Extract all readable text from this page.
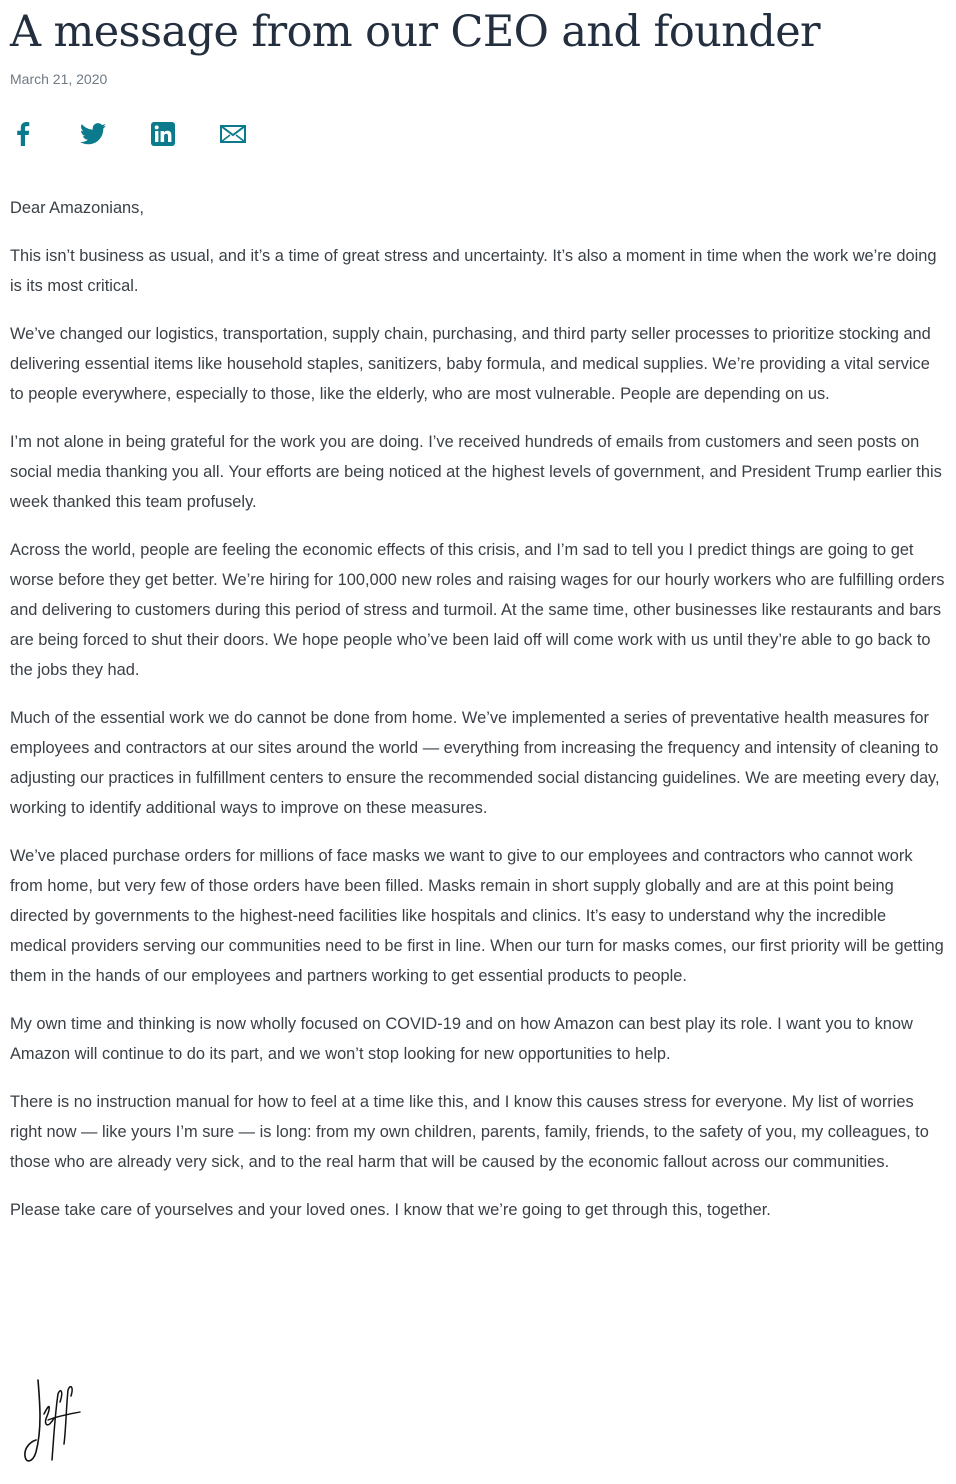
A message from our CEO and founder
March 21, 2020

Dear Amazonians,

This isn’t business as usual, and it’s a time of great stress and uncertainty. It’s also a moment in time when the work we’re doing is its most critical.

We’ve changed our logistics, transportation, supply chain, purchasing, and third party seller processes to prioritize stocking and delivering essential items like household staples, sanitizers, baby formula, and medical supplies. We’re providing a vital service to people everywhere, especially to those, like the elderly, who are most vulnerable. People are depending on us.

I’m not alone in being grateful for the work you are doing. I’ve received hundreds of emails from customers and seen posts on social media thanking you all. Your efforts are being noticed at the highest levels of government, and President Trump earlier this week thanked this team profusely.

Across the world, people are feeling the economic effects of this crisis, and I’m sad to tell you I predict things are going to get worse before they get better. We’re hiring for 100,000 new roles and raising wages for our hourly workers who are fulfilling orders and delivering to customers during this period of stress and turmoil. At the same time, other businesses like restaurants and bars are being forced to shut their doors. We hope people who’ve been laid off will come work with us until they’re able to go back to the jobs they had.

Much of the essential work we do cannot be done from home. We’ve implemented a series of preventative health measures for employees and contractors at our sites around the world — everything from increasing the frequency and intensity of cleaning to adjusting our practices in fulfillment centers to ensure the recommended social distancing guidelines. We are meeting every day, working to identify additional ways to improve on these measures.

We’ve placed purchase orders for millions of face masks we want to give to our employees and contractors who cannot work from home, but very few of those orders have been filled. Masks remain in short supply globally and are at this point being directed by governments to the highest-need facilities like hospitals and clinics. It’s easy to understand why the incredible medical providers serving our communities need to be first in line. When our turn for masks comes, our first priority will be getting them in the hands of our employees and partners working to get essential products to people.

My own time and thinking is now wholly focused on COVID-19 and on how Amazon can best play its role. I want you to know Amazon will continue to do its part, and we won’t stop looking for new opportunities to help.

There is no instruction manual for how to feel at a time like this, and I know this causes stress for everyone. My list of worries right now — like yours I’m sure — is long: from my own children, parents, family, friends, to the safety of you, my colleagues, to those who are already very sick, and to the real harm that will be caused by the economic fallout across our communities.

Please take care of yourselves and your loved ones. I know that we’re going to get through this, together.
